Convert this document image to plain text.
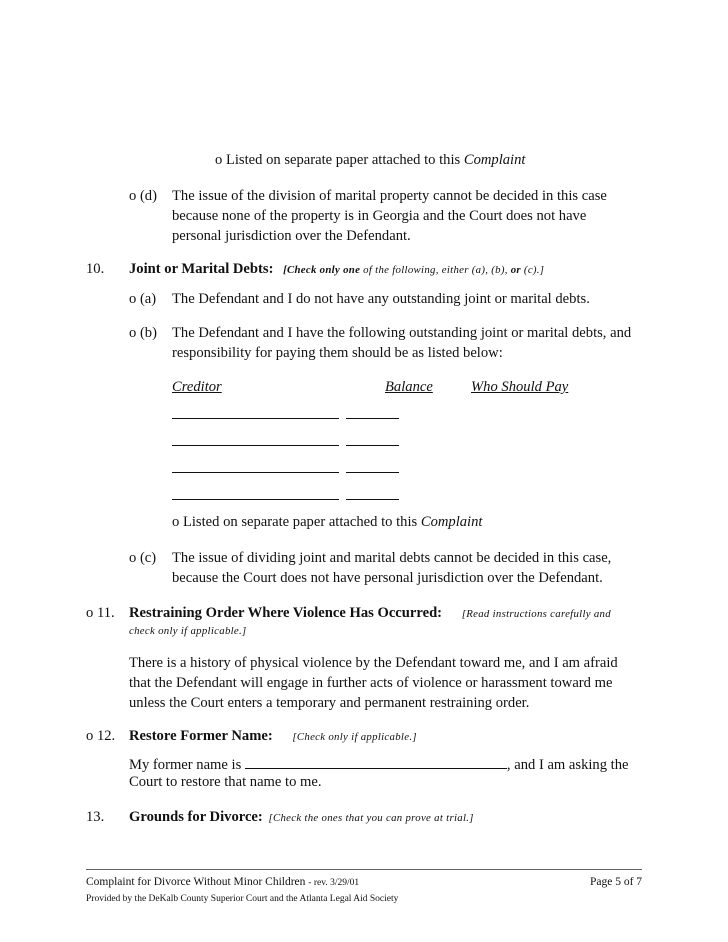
o Listed on separate paper attached to this Complaint
o (d) The issue of the division of marital property cannot be decided in this case
because none of the property is in Georgia and the Court does not have
personal jurisdiction over the Defendant.
10. Joint or Marital Debts: [Check only one of the following, either (a), (b), or (c).]
o (a) The Defendant and I do not have any outstanding joint or marital debts.
o (b) The Defendant and I have the following outstanding joint or marital debts, and
responsibility for paying them should be as listed below:
Creditor	Balance	Who Should Pay

o Listed on separate paper attached to this Complaint
o (c) The issue of dividing joint and marital debts cannot be decided in this case,
because the Court does not have personal jurisdiction over the Defendant.
o 11. Restraining Order Where Violence Has Occurred: [Read instructions carefully and
check only if applicable.]
There is a history of physical violence by the Defendant toward me, and I am afraid
that the Defendant will engage in further acts of violence or harassment toward me
unless the Court enters a temporary and permanent restraining order.
o 12. Restore Former Name: [Check only if applicable.]
My former name is	, and I am asking the
Court to restore that name to me.
13. Grounds for Divorce: [Check the ones that you can prove at trial.]
Complaint for Divorce Without Minor Children - rev. 3/29/01	Page 5 of 7
Provided by the DeKalb County Superior Court and the Atlanta Legal Aid Society
